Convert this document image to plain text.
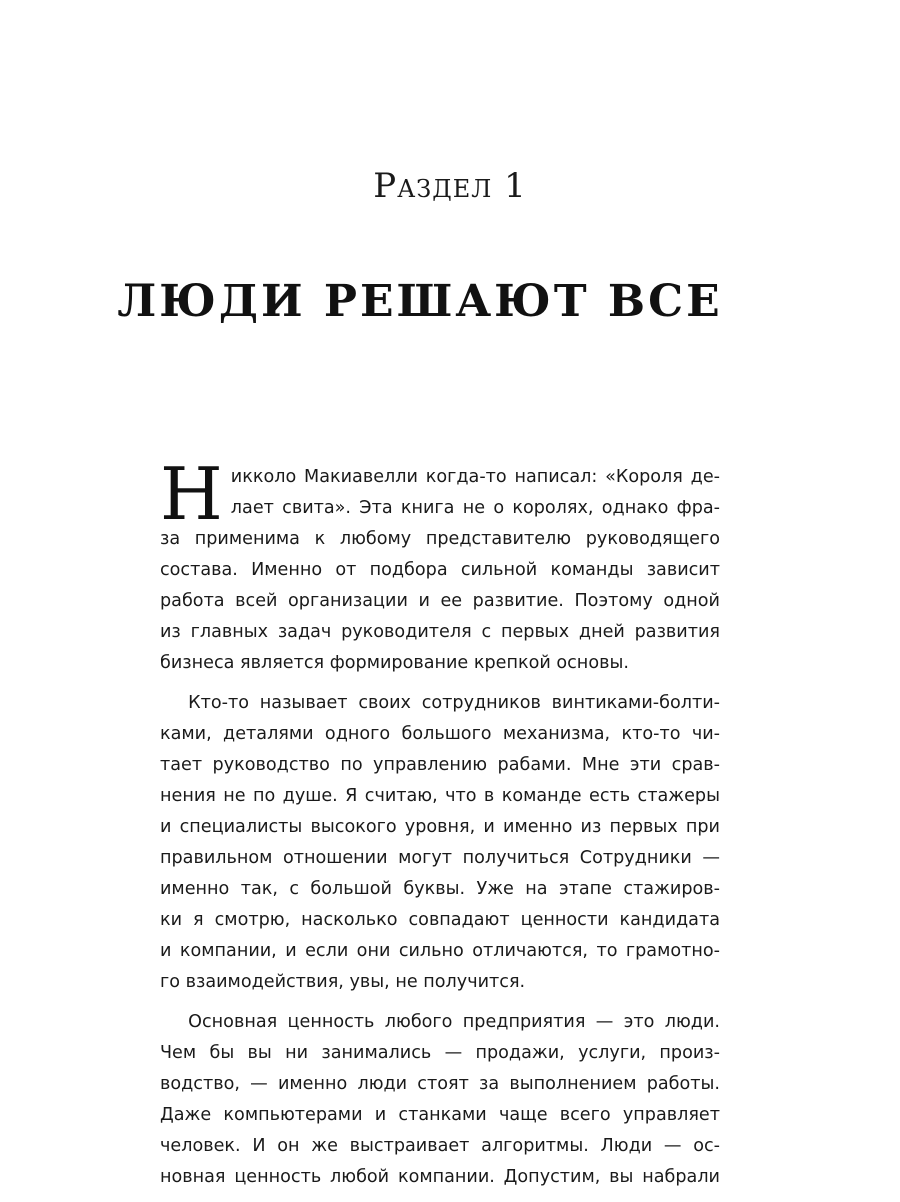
Раздел 1
ЛЮДИ РЕШАЮТ ВСЕ

Н икколо Макиавелли когда-то написал: «Короля де-
лает свита». Эта книга не о королях, однако фра-
за применима к любому представителю руководящего
состава. Именно от подбора сильной команды зависит
работа всей организации и ее развитие. Поэтому одной
из главных задач руководителя с первых дней развития
бизнеса является формирование крепкой основы.

Кто-то называет своих сотрудников винтиками-болти-
ками, деталями одного большого механизма, кто-то чи-
тает руководство по управлению рабами. Мне эти срав-
нения не по душе. Я считаю, что в команде есть стажеры
и специалисты высокого уровня, и именно из первых при
правильном отношении могут получиться Сотрудники —
именно так, с большой буквы. Уже на этапе стажиров-
ки я смотрю, насколько совпадают ценности кандидата
и компании, и если они сильно отличаются, то грамотно-
го взаимодействия, увы, не получится.

Основная ценность любого предприятия — это люди.
Чем бы вы ни занимались — продажи, услуги, произ-
водство, — именно люди стоят за выполнением работы.
Даже компьютерами и станками чаще всего управляет
человек. И он же выстраивает алгоритмы. Люди — ос-
новная ценность любой компании. Допустим, вы набрали
